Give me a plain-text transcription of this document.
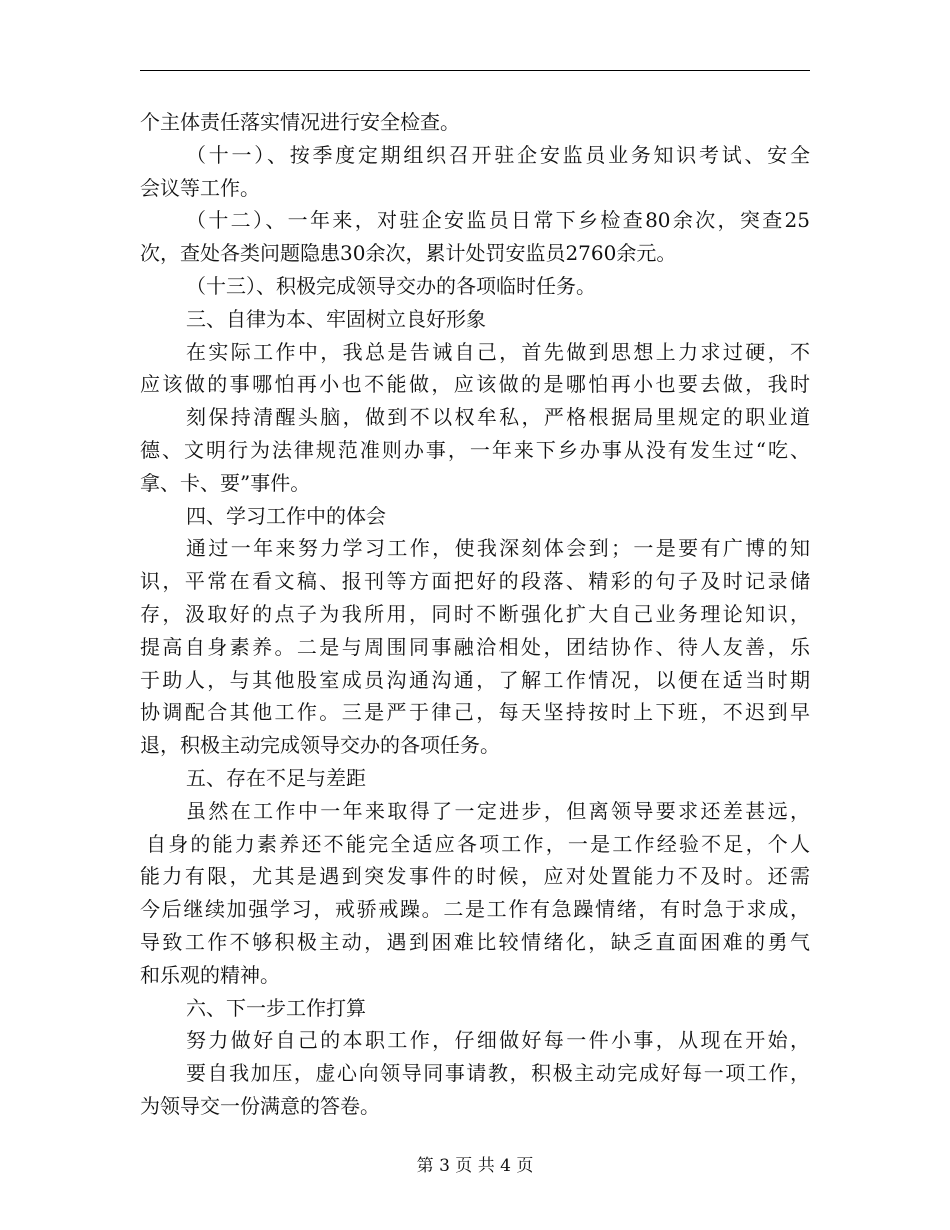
个主体责任落实情况进行安全检查。
（十一）、按季度定期组织召开驻企安监员业务知识考试、安全
会议等工作。
（十二）、一年来，对驻企安监员日常下乡检查80余次，突查25
次，查处各类问题隐患30余次，累计处罚安监员2760余元。
（十三）、积极完成领导交办的各项临时任务。
三、自律为本、牢固树立良好形象
在实际工作中，我总是告诫自己，首先做到思想上力求过硬，不
应该做的事哪怕再小也不能做，应该做的是哪怕再小也要去做，我时
刻保持清醒头脑，做到不以权牟私，严格根据局里规定的职业道
德、文明行为法律规范准则办事，一年来下乡办事从没有发生过“吃、
拿、卡、要”事件。
四、学习工作中的体会
通过一年来努力学习工作，使我深刻体会到；一是要有广博的知
识，平常在看文稿、报刊等方面把好的段落、精彩的句子及时记录储
存，汲取好的点子为我所用，同时不断强化扩大自己业务理论知识，
提高自身素养。二是与周围同事融洽相处，团结协作、待人友善，乐
于助人，与其他股室成员沟通沟通，了解工作情况，以便在适当时期
协调配合其他工作。三是严于律己，每天坚持按时上下班，不迟到早
退，积极主动完成领导交办的各项任务。
五、存在不足与差距
虽然在工作中一年来取得了一定进步，但离领导要求还差甚远，
自身的能力素养还不能完全适应各项工作，一是工作经验不足，个人
能力有限，尤其是遇到突发事件的时候，应对处置能力不及时。还需
今后继续加强学习，戒骄戒躁。二是工作有急躁情绪，有时急于求成，
导致工作不够积极主动，遇到困难比较情绪化，缺乏直面困难的勇气
和乐观的精神。
六、下一步工作打算
努力做好自己的本职工作，仔细做好每一件小事，从现在开始，
要自我加压，虚心向领导同事请教，积极主动完成好每一项工作，
为领导交一份满意的答卷。
第 3 页 共 4 页
